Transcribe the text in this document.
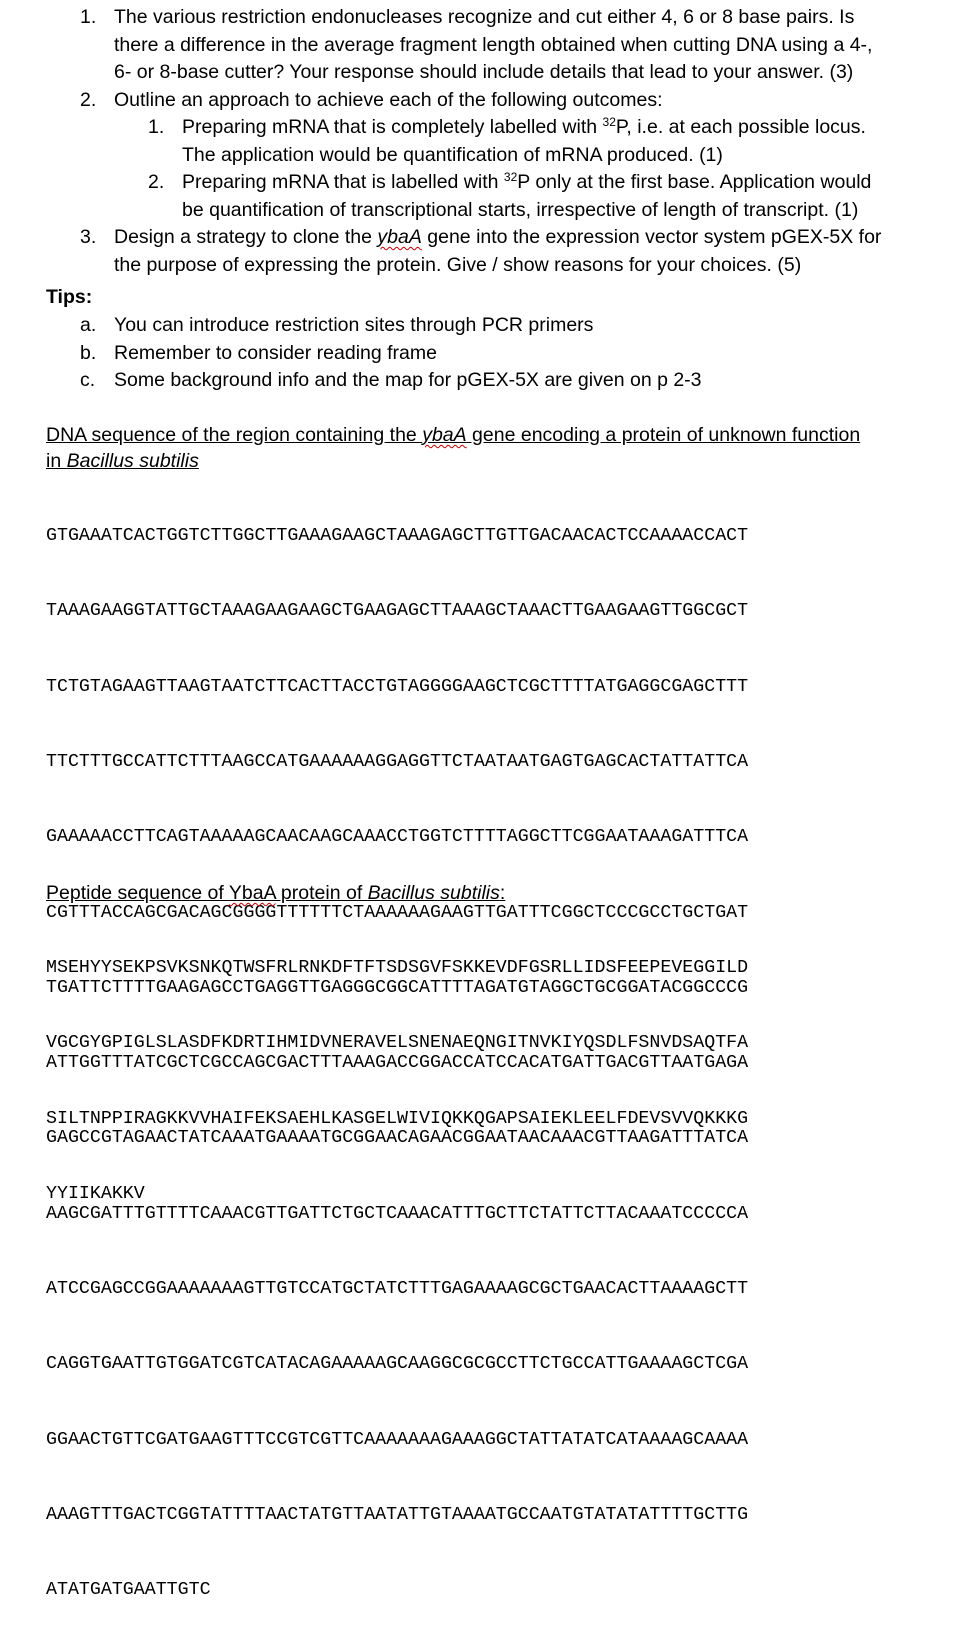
1. The various restriction endonucleases recognize and cut either 4, 6 or 8 base pairs. Is
there a difference in the average fragment length obtained when cutting DNA using a 4-,
6- or 8-base cutter? Your response should include details that lead to your answer. (3)
2. Outline an approach to achieve each of the following outcomes:
1. Preparing mRNA that is completely labelled with $^{32}$P, i.e. at each possible locus.
The application would be quantification of mRNA produced. (1)
2. Preparing mRNA that is labelled with $^{32}$P only at the first base. Application would
be quantification of transcriptional starts, irrespective of length of transcript. (1)
3. Design a strategy to clone the ybaA gene into the expression vector system pGEX-5X for
the purpose of expressing the protein. Give / show reasons for your choices. (5)
Tips:
a. You can introduce restriction sites through PCR primers
b. Remember to consider reading frame
c. Some background info and the map for pGEX-5X are given on p 2-3
DNA sequence of the region containing the ybaA gene encoding a protein of unknown function
in Bacillus subtilis

GTGAAATCACTGGTCTTGGCTTGAAAGAAGCTAAAGAGCTTGTTGACAACACTCCAAAACCACT

TAAAGAAGGTATTGCTAAAGAAGAAGCTGAAGAGCTTAAAGCTAAACTTGAAGAAGTTGGCGCT

TCTGTAGAAGTTAAGTAATCTTCACTTACCTGTAGGGGAAGCTCGCTTTTATGAGGCGAGCTTT

TTCTTTGCCATTCTTTAAGCCATGAAAAAAGGAGGTTCTAATAATGAGTGAGCACTATTATTCA

GAAAAACCTTCAGTAAAAAGCAACAAGCAAACCTGGTCTTTTAGGCTTCGGAATAAAGATTTCA

CGTTTACCAGCGACAGCGGGGTTTTTTCTAAAAAAGAAGTTGATTTCGGCTCCCGCCTGCTGAT

TGATTCTTTTGAAGAGCCTGAGGTTGAGGGCGGCATTTTAGATGTAGGCTGCGGATACGGCCCG

ATTGGTTTATCGCTCGCCAGCGACTTTAAAGACCGGACCATCCACATGATTGACGTTAATGAGA

GAGCCGTAGAACTATCAAATGAAAATGCGGAACAGAACGGAATAACAAACGTTAAGATTTATCA

AAGCGATTTGTTTTCAAACGTTGATTCTGCTCAAACATTTGCTTCTATTCTTACAAATCCCCCA

ATCCGAGCCGGAAAAAAAGTTGTCCATGCTATCTTTGAGAAAAGCGCTGAACACTTAAAAGCTT

CAGGTGAATTGTGGATCGTCATACAGAAAAAGCAAGGCGCGCCTTCTGCCATTGAAAAGCTCGA

GGAACTGTTCGATGAAGTTTCCGTCGTTCAAAAAAAGAAAGGCTATTATATCATAAAAGCAAAA

AAAGTTTGACTCGGTATTTTAACTATGTTAATATTGTAAAATGCCAATGTATATATTTTGCTTG

ATATGATGAATTGTC

Peptide sequence of YbaA protein of Bacillus subtilis:

MSEHYYSEKPSVKSNKQTWSFRLRNKDFTFTSDSGVFSKKEVDFGSRLLIDSFEEPEVEGGILD

VGCGYGPIGLSLASDFKDRTIHMIDVNERAVELSNENAEQNGITNVKIYQSDLFSNVDSAQTFA

SILTNPPIRAGKKVVHAIFEKSAEHLKASGELWIVIQKKQGAPSAIEKLEELFDEVSVVQKKKG

YYIIKAKKV
